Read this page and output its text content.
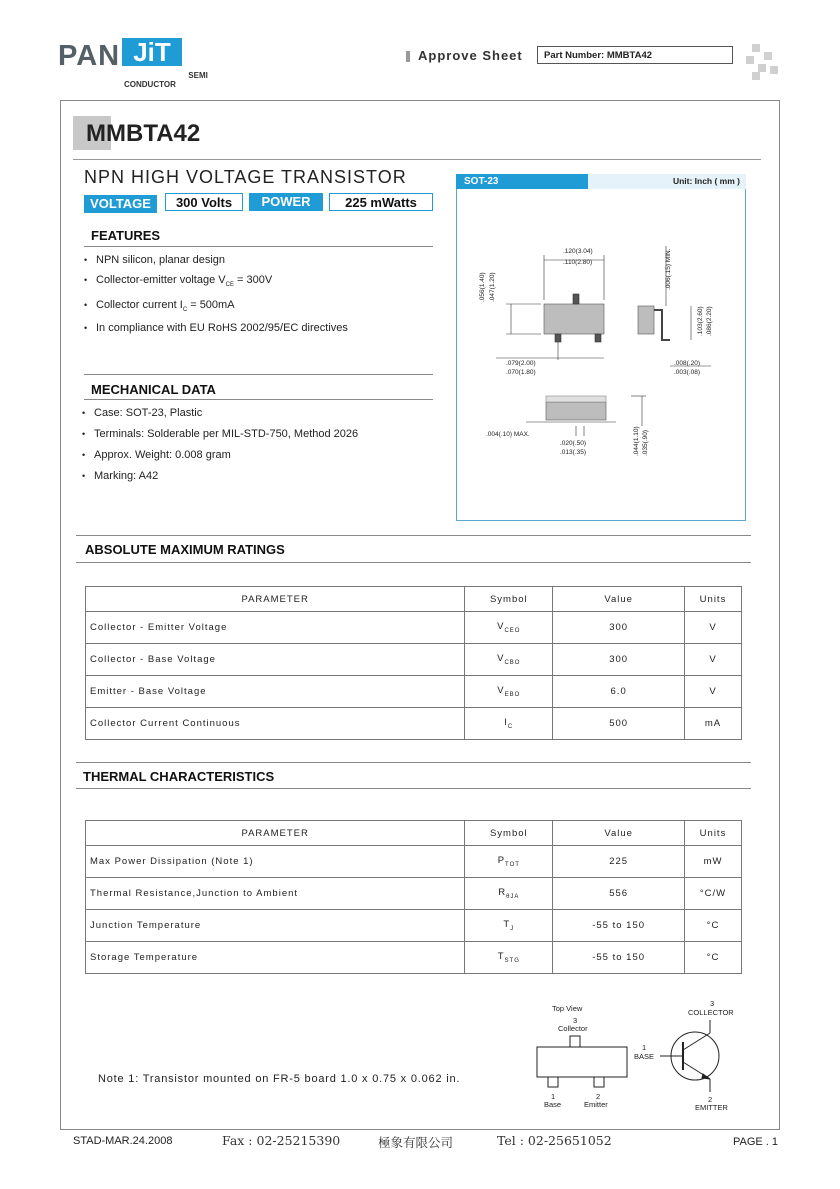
PAN JiT
SEMI
CONDUCTOR
Approve Sheet	Part Number: MMBTA42
MMBTA42
NPN HIGH VOLTAGE TRANSISTOR
VOLTAGE	300 Volts	POWER	225 mWatts
FEATURES
• NPN silicon, planar design
• Collector-emitter voltage $V_{CE} = 300V$
• Collector current $I_C = 500mA$
• In compliance with EU RoHS 2002/95/EC directives
MECHANICAL DATA
• Case: SOT-23, Plastic
• Terminals: Solderable per MIL-STD-750, Method 2026
• Approx. Weight: 0.008 gram
• Marking: A42
SOT-23	Unit: Inch ( mm )
.120(3.04)
.110(2.80)
.056(1.40) .047(1.20)	.006(.15) MIN.
.103(2.60) .086(2.20)
.079(2.00)
.070(1.80)
.008(.20)
.003(.08)
.004(.10) MAX.
.020(.50)
.013(.35)	.044(1.10) .035(.90)
ABSOLUTE MAXIMUM RATINGS
PARAMETER	Symbol	Value	Units
Collector - Emitter Voltage	$V_{CEO}$	300	V
Collector - Base Voltage	$V_{CBO}$	300	V
Emitter - Base Voltage	$V_{EBO}$	6.0	V
Collector Current Continuous	$I_C$	500	mA
THERMAL CHARACTERISTICS
PARAMETER	Symbol	Value	Units
Max Power Dissipation (Note 1)	$P_{TOT}$	225	mW
Thermal Resistance,Junction to Ambient	$R_{\theta JA}$	556	°C/W
Junction Temperature	$T_J$	-55 to 150	°C
Storage Temperature	$T_{STG}$	-55 to 150	°C
Top View
3
Collector
1
Base
2
Emitter
3
COLLECTOR
1
BASE
2
EMITTER
Note 1: Transistor mounted on FR-5 board 1.0 x 0.75 x 0.062 in.
STAD-MAR.24.2008	Fax : 02-25215390	極象有限公司	Tel : 02-25651052	PAGE . 1
